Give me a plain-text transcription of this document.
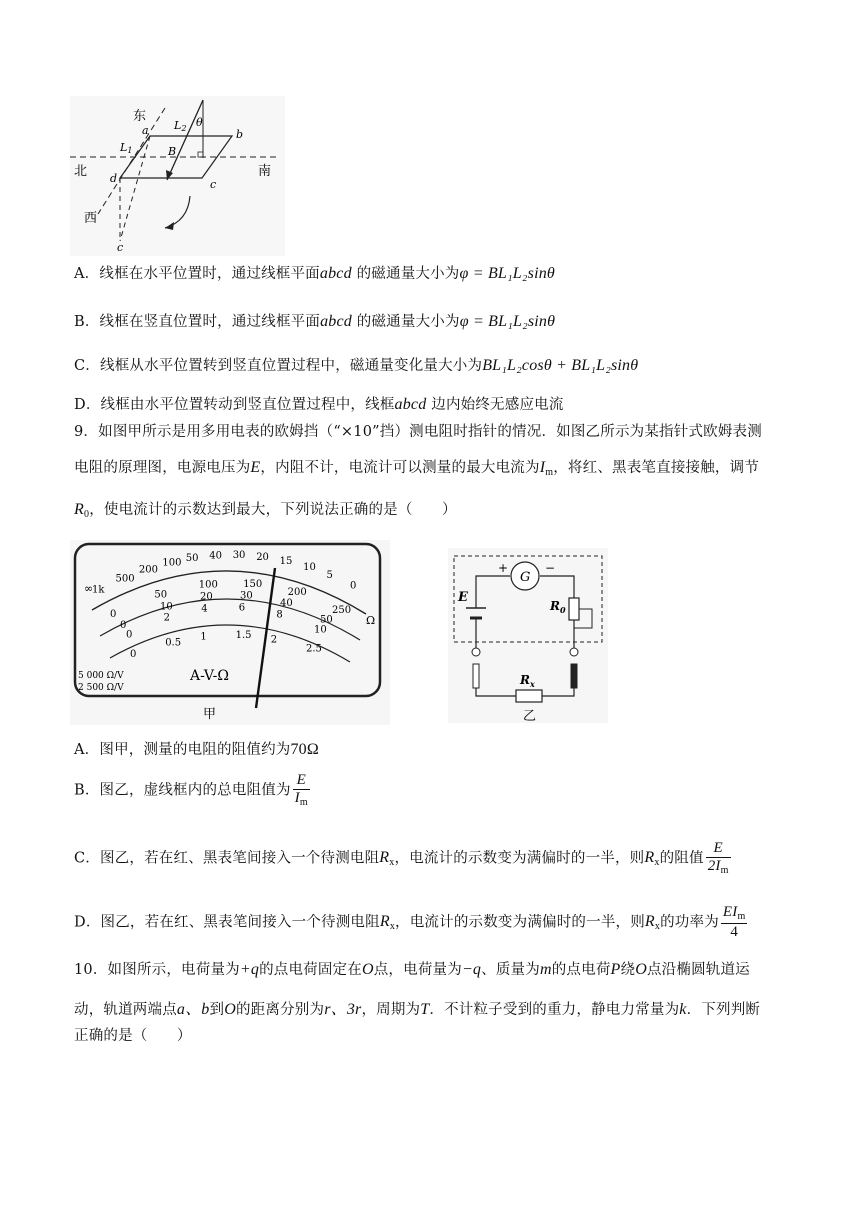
东
北	南
西
a	b
c
d
c
L1
L2
B
θ
A．线框在水平位置时，通过线框平面abcd 的磁通量大小为φ = BL₁L₂sinθ
B．线框在竖直位置时，通过线框平面abcd 的磁通量大小为φ = BL₁L₂sinθ
C．线框从水平位置转到竖直位置过程中，磁通量变化量大小为BL₁L₂cosθ + BL₁L₂sinθ
D．线框由水平位置转动到竖直位置过程中，线框abcd 边内始终无感应电流
9．如图甲所示是用多用电表的欧姆挡（“×10”挡）测电阻时指针的情况．如图乙所示为某指针式欧姆表测
电阻的原理图，电源电压为E，内阻不计，电流计可以测量的最大电流为$I_m$，将红、黑表笔直接接触，调节
$R_0$，使电流计的示数达到最大，下列说法正确的是（　　）
1k
500
200
100 50 40 30 20 15
10
5
0
Ω
∞
0
50
100	150
200
250
0
10
20	30
40
50
0
2
4	6
8
10
0
0.5
1	1.5 2
2.5
A-V-Ω
5 000 Ω/V
2 500 Ω/V
甲
G
+	−
E
$R_0$
$R_x$
乙
A．图甲，测量的电阻的阻值约为70Ω
B．图乙，虚线框内的总电阻值为 $\frac{E}{I_m}$
C．图乙，若在红、黑表笔间接入一个待测电阻$R_x$，电流计的示数变为满偏时的一半，则$R_x$的阻值 $\frac{E}{2I_m}$
D．图乙，若在红、黑表笔间接入一个待测电阻$R_x$，电流计的示数变为满偏时的一半，则$R_x$的功率为 $\frac{EI_m}{4}$
10．如图所示，电荷量为+q的点电荷固定在O点，电荷量为−q、质量为m的点电荷P绕O点沿椭圆轨道运
动，轨道两端点a、b到O的距离分别为r、3r，周期为T．不计粒子受到的重力，静电力常量为k．下列判断
正确的是（　　）
